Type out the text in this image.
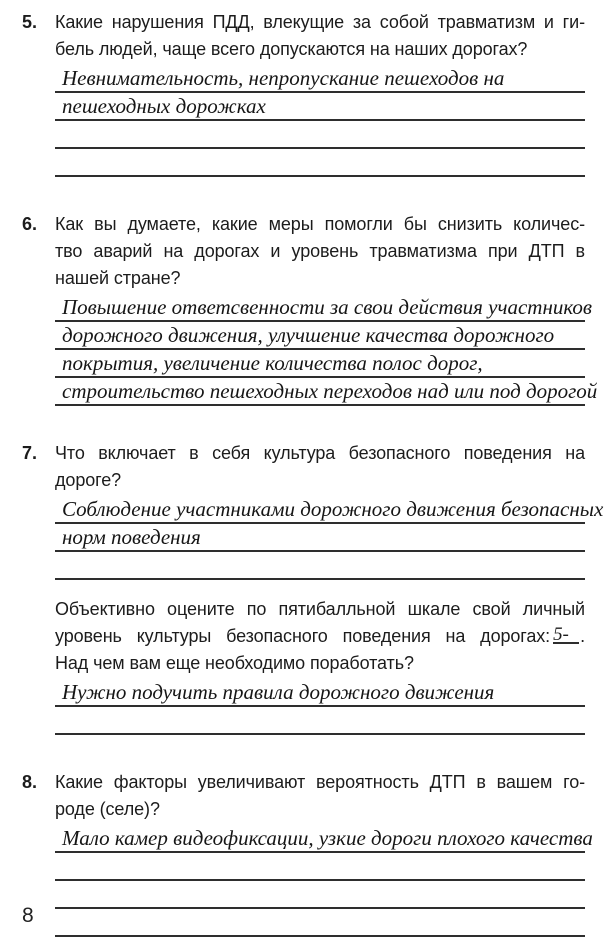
5. Какие нарушения ПДД, влекущие за собой травматизм и ги-
бель людей, чаще всего допускаются на наших дорогах?
Невнимательность, непропускание пешеходов на
пешеходных дорожках
6. Как вы думаете, какие меры помогли бы снизить количес-
тво аварий на дорогах и уровень травматизма при ДТП в
нашей стране?
Повышение ответсвенности за свои действия участников
дорожного движения, улучшение качества дорожного
покрытия, увеличение количества полос дорог,
строительство пешеходных переходов над или под дорогой
7. Что включает в себя культура безопасного поведения на
дороге?
Соблюдение участниками дорожного движения безопасных
норм поведения
Объективно оцените по пятибалльной шкале свой личный
уровень культуры безопасного поведения на дорогах: 5- .
Над чем вам еще необходимо поработать?
Нужно подучить правила дорожного движения
8. Какие факторы увеличивают вероятность ДТП в вашем го-
роде (селе)?
Мало камер видеофиксации, узкие дороги плохого качества
8
